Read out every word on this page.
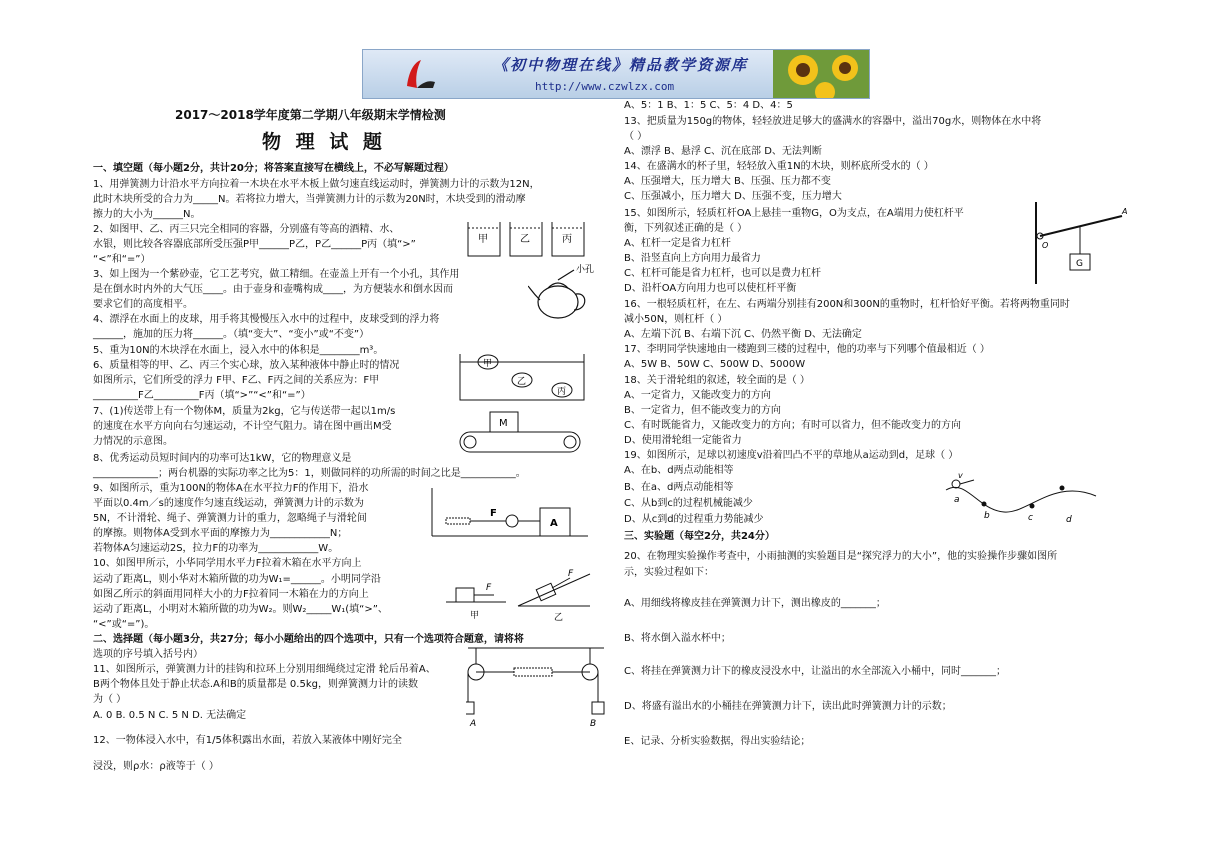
《初中物理在线》精品教学资源库
http://www.czwlzx.com
2017～2018学年度第二学期八年级期末学情检测
物 理 试 题
一、填空题（每小题2分，共计20分；将答案直接写在横线上，不必写解题过程）
1、用弹簧测力计沿水平方向拉着一木块在水平木板上做匀速直线运动时，弹簧测力计的示数为12N，
此时木块所受的合力为_____N。若将拉力增大，当弹簧测力计的示数为20N时，木块受到的滑动摩
擦力的大小为______N。
2、如图甲、乙、丙三只完全相同的容器，分别盛有等高的酒精、水、
水银，则比较各容器底部所受压强P甲______P乙，P乙______P丙（填“>”
“<”和“=”）
3、如上图为一个紫砂壶，它工艺考究，做工精细。在壶盖上开有一个小孔，其作用
是在倒水时内外的大气压____。由于壶身和壶嘴构成____，为方便装水和倒水因而
要求它们的高度相平。
4、漂浮在水面上的皮球，用手将其慢慢压入水中的过程中，皮球受到的浮力将
______，施加的压力将______。（填“变大”、“变小”或“不变”）
5、重为10N的木块浮在水面上，浸入水中的体积是________m³。
6、质量相等的甲、乙、丙三个实心球，放入某种液体中静止时的情况
如图所示，它们所受的浮力 F甲、F乙、F丙之间的关系应为：F甲
_________F乙_________F丙（填“>”“<”和“=”）
7、(1)传送带上有一个物体M，质量为2kg，它与传送带一起以1m/s
的速度在水平方向向右匀速运动，不计空气阻力。请在图中画出M受
力情况的示意图。
8、优秀运动员短时间内的功率可达1kW，它的物理意义是
_____________；两台机器的实际功率之比为5：1，则做同样的功所需的时间之比是___________。
9、如图所示，重为100N的物体A在水平拉力F的作用下，沿水
平面以0.4m／s的速度作匀速直线运动，弹簧测力计的示数为
5N，不计滑轮、绳子、弹簧测力计的重力，忽略绳子与滑轮间
的摩擦。则物体A受到水平面的摩擦力为____________N；
若物体A匀速运动2S，拉力F的功率为____________W。
10、如图甲所示，小华同学用水平力F拉着木箱在水平方向上
运动了距离L，则小华对木箱所做的功为W₁=______。小明同学沿
如图乙所示的斜面用同样大小的力F拉着同一木箱在力的方向上
运动了距离L，小明对木箱所做的功为W₂。则W₂_____W₁(填“>”、
“<”或“=”)。
二、选择题（每小题3分，共27分；每小小题给出的四个选项中，只有一个选项符合题意，请将将
选项的序号填入括号内）
11、如图所示，弹簧测力计的挂钩和拉环上分别用细绳绕过定滑 轮后吊着A、
B两个物体且处于静止状态.A和B的质量都是 0.5kg，则弹簧测力计的读数
为（ ）
A. 0 B. 0.5 N C. 5 N D. 无法确定
12、一物体浸入水中，有1/5体积露出水面，若放入某液体中刚好完全
浸没，则ρ水：ρ液等于（ ）
A、5：1 B、1：5 C、5：4 D、4：5
13、把质量为150g的物体，轻轻放进足够大的盛满水的容器中，溢出70g水，则物体在水中将
（ ）
A、漂浮 B、悬浮 C、沉在底部 D、无法判断
14、在盛满水的杯子里，轻轻放入重1N的木块，则杯底所受水的（ ）
A、压强增大，压力增大 B、压强、压力都不变
C、压强减小，压力增大 D、压强不变，压力增大
15、如图所示，轻质杠杆OA上悬挂一重物G，O为支点，在A端用力使杠杆平
衡，下列叙述正确的是（ ）
A、杠杆一定是省力杠杆
B、沿竖直向上方向用力最省力
C、杠杆可能是省力杠杆，也可以是费力杠杆
D、沿杆OA方向用力也可以使杠杆平衡
16、一根轻质杠杆，在左、右两端分别挂有200N和300N的重物时，杠杆恰好平衡。若将两物重同时
减小50N，则杠杆（ ）
A、左端下沉 B、右端下沉 C、仍然平衡 D、无法确定
17、李明同学快速地由一楼跑到三楼的过程中，他的功率与下列哪个值最相近（ ）
A、5W B、50W C、500W D、5000W
18、关于滑轮组的叙述，较全面的是（ ）
A、一定省力，又能改变力的方向
B、一定省力，但不能改变力的方向
C、有时既能省力，又能改变力的方向；有时可以省力，但不能改变力的方向
D、使用滑轮组一定能省力
19、如图所示，足球以初速度v沿着凹凸不平的草地从a运动到d，足球（ ）
A、在b、d两点动能相等
B、在a、d两点动能相等
C、从b到c的过程机械能减少
D、从c到d的过程重力势能减少
三、实验题（每空2分，共24分）
20、在物理实验操作考查中，小雨抽测的实验题目是“探究浮力的大小”，他的实验操作步骤如图所
示，实验过程如下：
A、用细线将橡皮挂在弹簧测力计下，测出橡皮的_______；
B、将水倒入溢水杯中；
C、将挂在弹簧测力计下的橡皮浸没水中，让溢出的水全部流入小桶中，同时_______；
D、将盛有溢出水的小桶挂在弹簧测力计下，读出此时弹簧测力计的示数；
E、记录、分析实验数据，得出实验结论；
甲	乙	丙
小孔
甲
乙
丙
M
F
A
F
甲
F
乙
A	B
A
O
G
v
a
b	c	d
